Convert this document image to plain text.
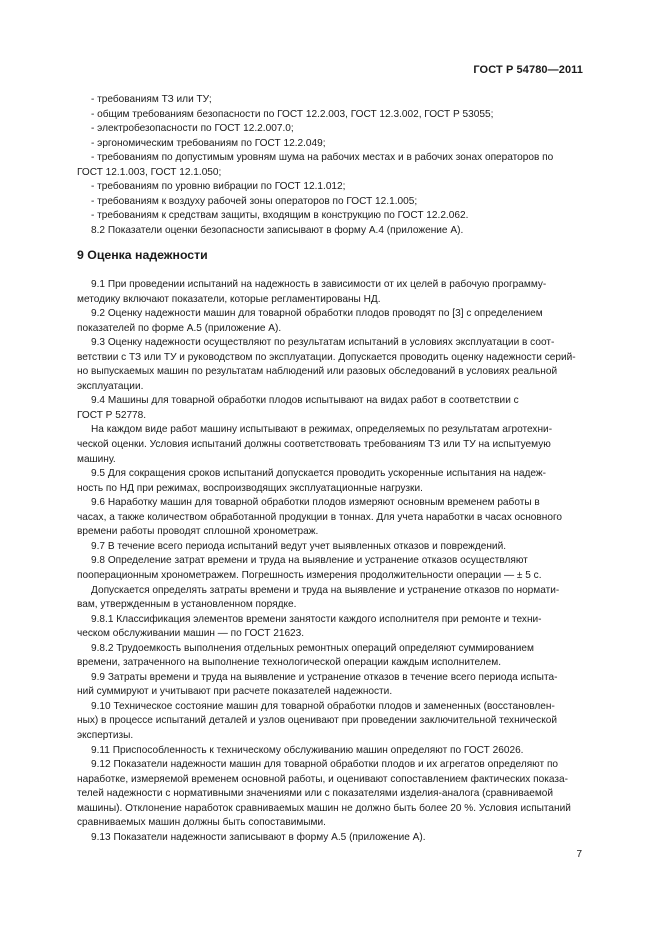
ГОСТ Р 54780—2011
- требованиям ТЗ или ТУ;
- общим требованиям безопасности по ГОСТ 12.2.003, ГОСТ 12.3.002, ГОСТ Р 53055;
- электробезопасности по ГОСТ 12.2.007.0;
- эргономическим требованиям по ГОСТ 12.2.049;
- требованиям по допустимым уровням шума на рабочих местах и в рабочих зонах операторов по
ГОСТ 12.1.003, ГОСТ 12.1.050;
- требованиям по уровню вибрации по ГОСТ 12.1.012;
- требованиям к воздуху рабочей зоны операторов по ГОСТ 12.1.005;
- требованиям к средствам защиты, входящим в конструкцию по ГОСТ 12.2.062.
8.2 Показатели оценки безопасности записывают в форму А.4 (приложение А).
9 Оценка надежности
9.1 При проведении испытаний на надежность в зависимости от их целей в рабочую программу-
методику включают показатели, которые регламентированы НД.
9.2 Оценку надежности машин для товарной обработки плодов проводят по [3] с определением
показателей по форме А.5 (приложение А).
9.3 Оценку надежности осуществляют по результатам испытаний в условиях эксплуатации в соот-
ветствии с ТЗ или ТУ и руководством по эксплуатации. Допускается проводить оценку надежности серий-
но выпускаемых машин по результатам наблюдений или разовых обследований в условиях реальной
эксплуатации.
9.4 Машины для товарной обработки плодов испытывают на видах работ в соответствии с
ГОСТ Р 52778.
На каждом виде работ машину испытывают в режимах, определяемых по результатам агротехни-
ческой оценки. Условия испытаний должны соответствовать требованиям ТЗ или ТУ на испытуемую
машину.
9.5 Для сокращения сроков испытаний допускается проводить ускоренные испытания на надеж-
ность по НД при режимах, воспроизводящих эксплуатационные нагрузки.
9.6 Наработку машин для товарной обработки плодов измеряют основным временем работы в
часах, а также количеством обработанной продукции в тоннах. Для учета наработки в часах основного
времени работы проводят сплошной хронометраж.
9.7 В течение всего периода испытаний ведут учет выявленных отказов и повреждений.
9.8 Определение затрат времени и труда на выявление и устранение отказов осуществляют
пооперационным хронометражем. Погрешность измерения продолжительности операции — ± 5 с.
Допускается определять затраты времени и труда на выявление и устранение отказов по нормати-
вам, утвержденным в установленном порядке.
9.8.1 Классификация элементов времени занятости каждого исполнителя при ремонте и техни-
ческом обслуживании машин — по ГОСТ 21623.
9.8.2 Трудоемкость выполнения отдельных ремонтных операций определяют суммированием
времени, затраченного на выполнение технологической операции каждым исполнителем.
9.9 Затраты времени и труда на выявление и устранение отказов в течение всего периода испыта-
ний суммируют и учитывают при расчете показателей надежности.
9.10 Техническое состояние машин для товарной обработки плодов и замененных (восстановлен-
ных) в процессе испытаний деталей и узлов оценивают при проведении заключительной технической
экспертизы.
9.11 Приспособленность к техническому обслуживанию машин определяют по ГОСТ 26026.
9.12 Показатели надежности машин для товарной обработки плодов и их агрегатов определяют по
наработке, измеряемой временем основной работы, и оценивают сопоставлением фактических показа-
телей надежности с нормативными значениями или с показателями изделия-аналога (сравниваемой
машины). Отклонение наработок сравниваемых машин не должно быть более 20 %. Условия испытаний
сравниваемых машин должны быть сопоставимыми.
9.13 Показатели надежности записывают в форму А.5 (приложение А).
7
